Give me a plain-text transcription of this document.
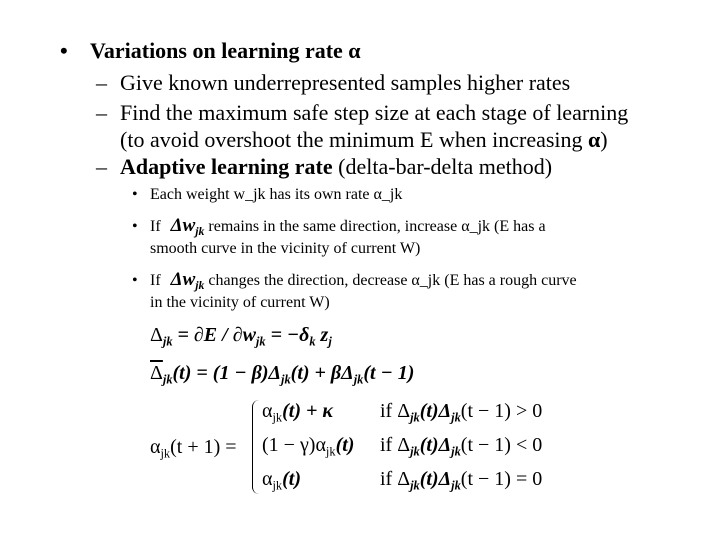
• Variations on learning rate α
– Give known underrepresented samples higher rates
– Find the maximum safe step size at each stage of learning
(to avoid overshoot the minimum E when increasing α)
– Adaptive learning rate (delta-bar-delta method)
• Each weight w_jk has its own rate α_jk
• If $\Delta w_{jk}$ remains in the same direction, increase α_jk (E has a
smooth curve in the vicinity of current W)
• If $\Delta w_{jk}$ changes the direction, decrease α_jk (E has a rough curve
in the vicinity of current W)
$\Delta_{jk} = \partial E / \partial w_{jk} = -\delta_k$ $z_j$
$\overline{\Delta}_{jk}(t) = (1 - \beta)\Delta_{jk}(t) + \beta\Delta_{jk}(t - 1)$
$\alpha_{jk}(t + 1)$ =
$\alpha_{jk}(t) + \kappa$ if $\Delta_{jk}(t)\Delta_{jk}(t - 1) > 0$
$(1 - \gamma)\alpha_{jk}(t)$ if $\Delta_{jk}(t)\Delta_{jk}(t - 1) < 0$
$\alpha_{jk}(t)$	if $\Delta_{jk}(t)\Delta_{jk}(t - 1) = 0$
